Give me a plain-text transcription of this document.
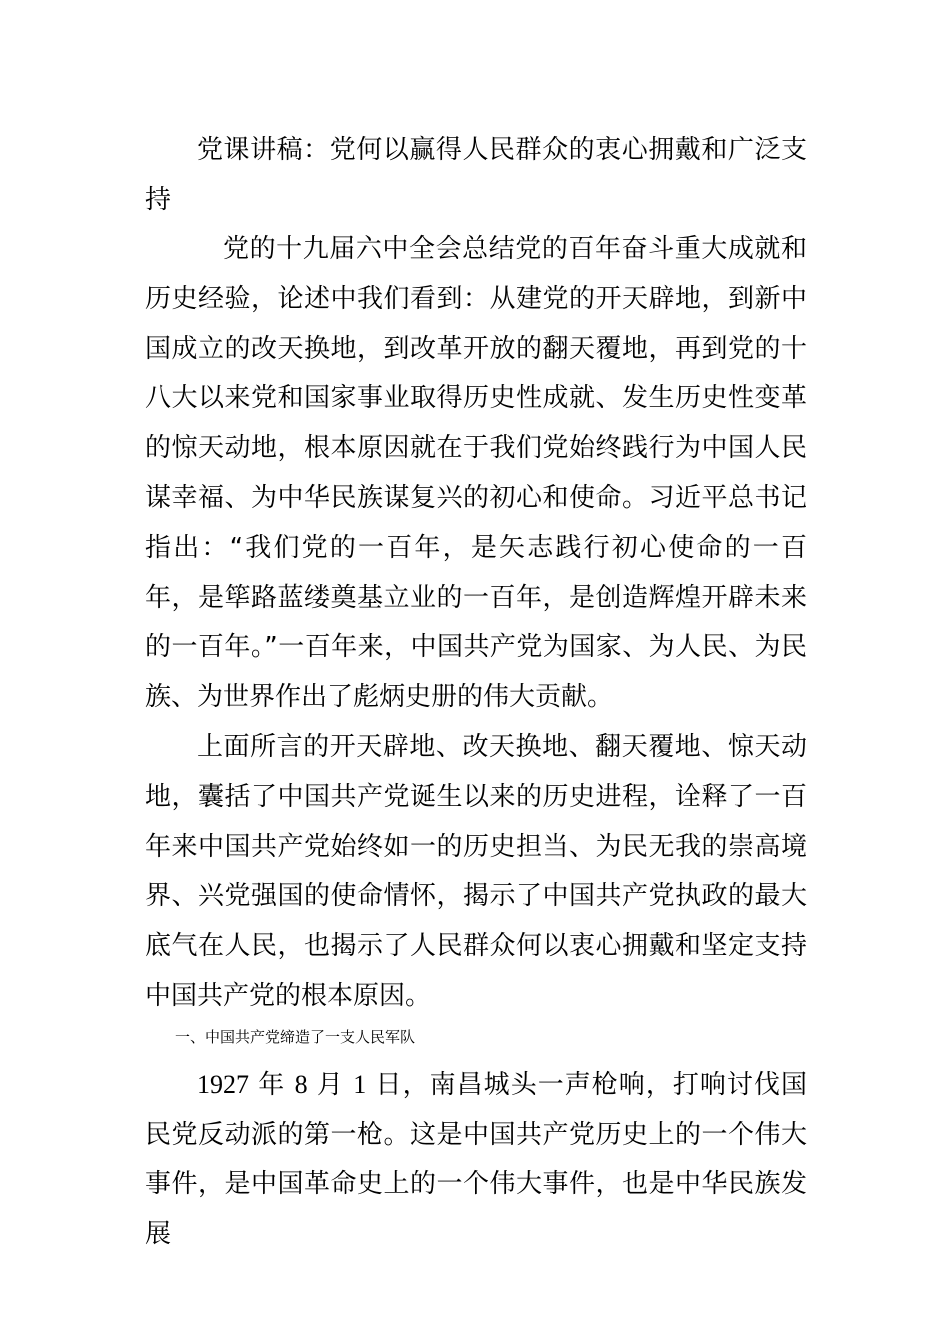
党课讲稿：党何以赢得人民群众的衷心拥戴和广泛支持

党的十九届六中全会总结党的百年奋斗重大成就和历史经验，论述中我们看到：从建党的开天辟地，到新中国成立的改天换地，到改革开放的翻天覆地，再到党的十八大以来党和国家事业取得历史性成就、发生历史性变革的惊天动地，根本原因就在于我们党始终践行为中国人民谋幸福、为中华民族谋复兴的初心和使命。习近平总书记指出：“我们党的一百年，是矢志践行初心使命的一百年，是筚路蓝缕奠基立业的一百年，是创造辉煌开辟未来的一百年。”一百年来，中国共产党为国家、为人民、为民族、为世界作出了彪炳史册的伟大贡献。

上面所言的开天辟地、改天换地、翻天覆地、惊天动地，囊括了中国共产党诞生以来的历史进程，诠释了一百年来中国共产党始终如一的历史担当、为民无我的崇高境界、兴党强国的使命情怀，揭示了中国共产党执政的最大底气在人民，也揭示了人民群众何以衷心拥戴和坚定支持中国共产党的根本原因。

一、中国共产党缔造了一支人民军队

1927 年 8 月 1 日，南昌城头一声枪响，打响讨伐国民党反动派的第一枪。这是中国共产党历史上的一个伟大事件，是中国革命史上的一个伟大事件，也是中华民族发展
